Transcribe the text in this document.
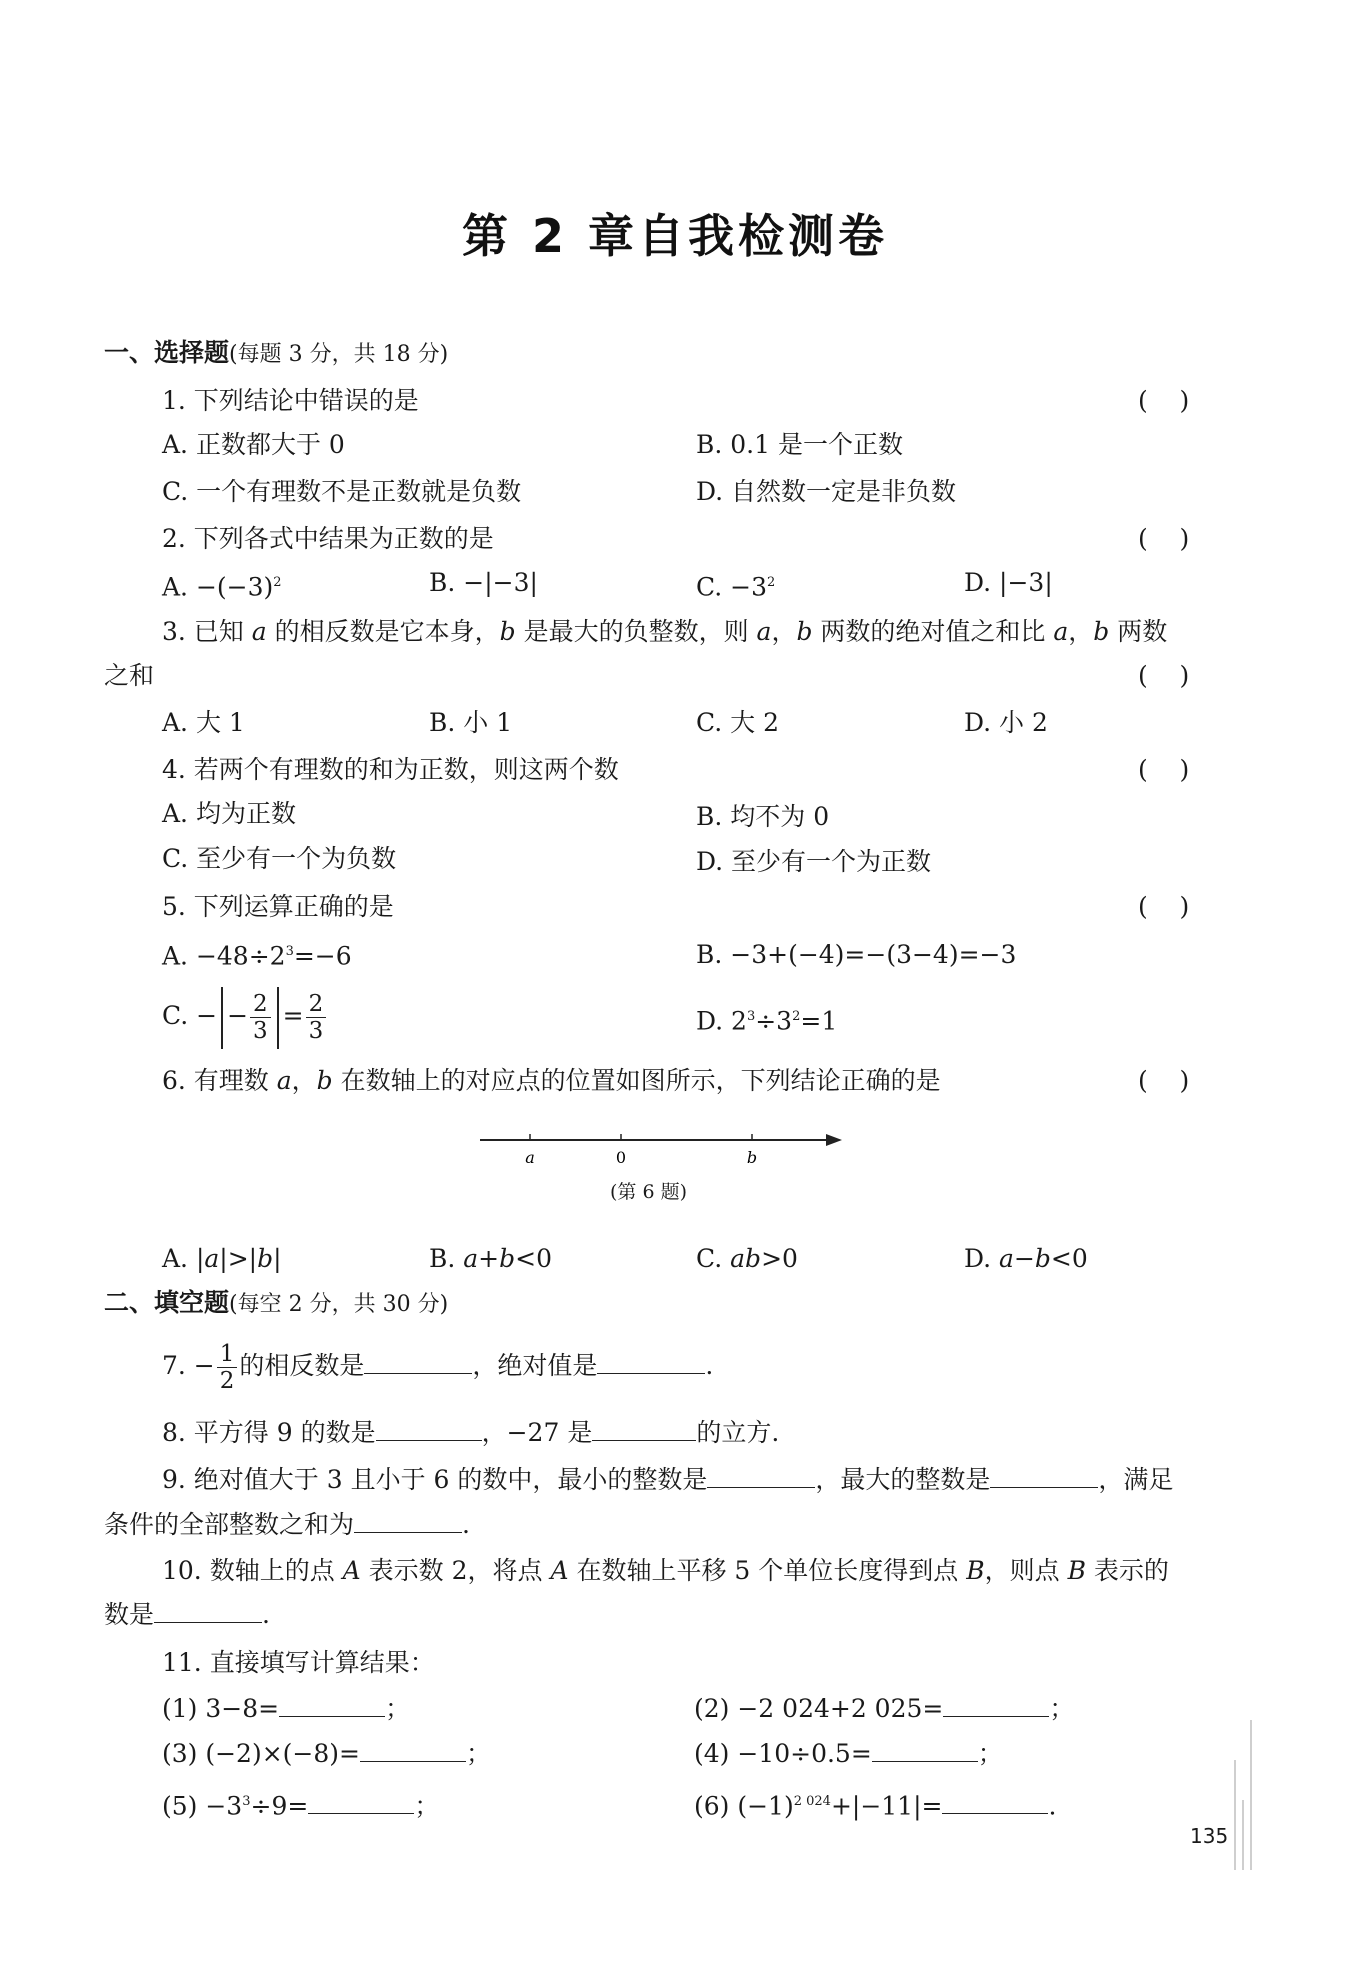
第 2 章自我检测卷
一、选择题(每题 3 分，共 18 分)
1. 下列结论中错误的是	(    )
A. 正数都大于 0	B. 0.1 是一个正数
C. 一个有理数不是正数就是负数	D. 自然数一定是非负数
2. 下列各式中结果为正数的是	(    )
A. $-(-3)^2$	B. −|−3|	C. $-3^2$	D. |−3|
3. 已知 a 的相反数是它本身，b 是最大的负整数，则 a，b 两数的绝对值之和比 a，b 两数
之和	(    )
A. 大 1	B. 小 1	C. 大 2	D. 小 2
4. 若两个有理数的和为正数，则这两个数	(    )
A. 均为正数	B. 均不为 0
C. 至少有一个为负数	D. 至少有一个为正数
5. 下列运算正确的是	(    )
A. $-48\div 2^3=-6$	B. −3+(−4)=−(3−4)=−3
C. − − $\frac{2}{3} = \frac{2}{3}$	D. $2^3\div 3^2=1$
6. 有理数 a，b 在数轴上的对应点的位置如图所示，下列结论正确的是	(    )
a	0	b
(第 6 题)
A. |a|>|b|	B. a+b<0	C. ab>0	D. a−b<0
二、填空题(每空 2 分，共 30 分)
7. − $\frac{1}{2}$ 的相反数是	，绝对值是	.
8. 平方得 9 的数是	，−27 是	的立方.
9. 绝对值大于 3 且小于 6 的数中，最小的整数是	，最大的整数是	，满足
条件的全部整数之和为	.
10. 数轴上的点 A 表示数 2，将点 A 在数轴上平移 5 个单位长度得到点 B，则点 B 表示的
数是	.
11. 直接填写计算结果：
(1) 3−8=	；	(2) −2 024+2 025=	；
(3) (−2)×(−8)=	；	(4) −10÷0.5=	；
$(5) -3^3\div 9=$	；	(6) $(-1)^{2 024}+|-11|=$	.
135
